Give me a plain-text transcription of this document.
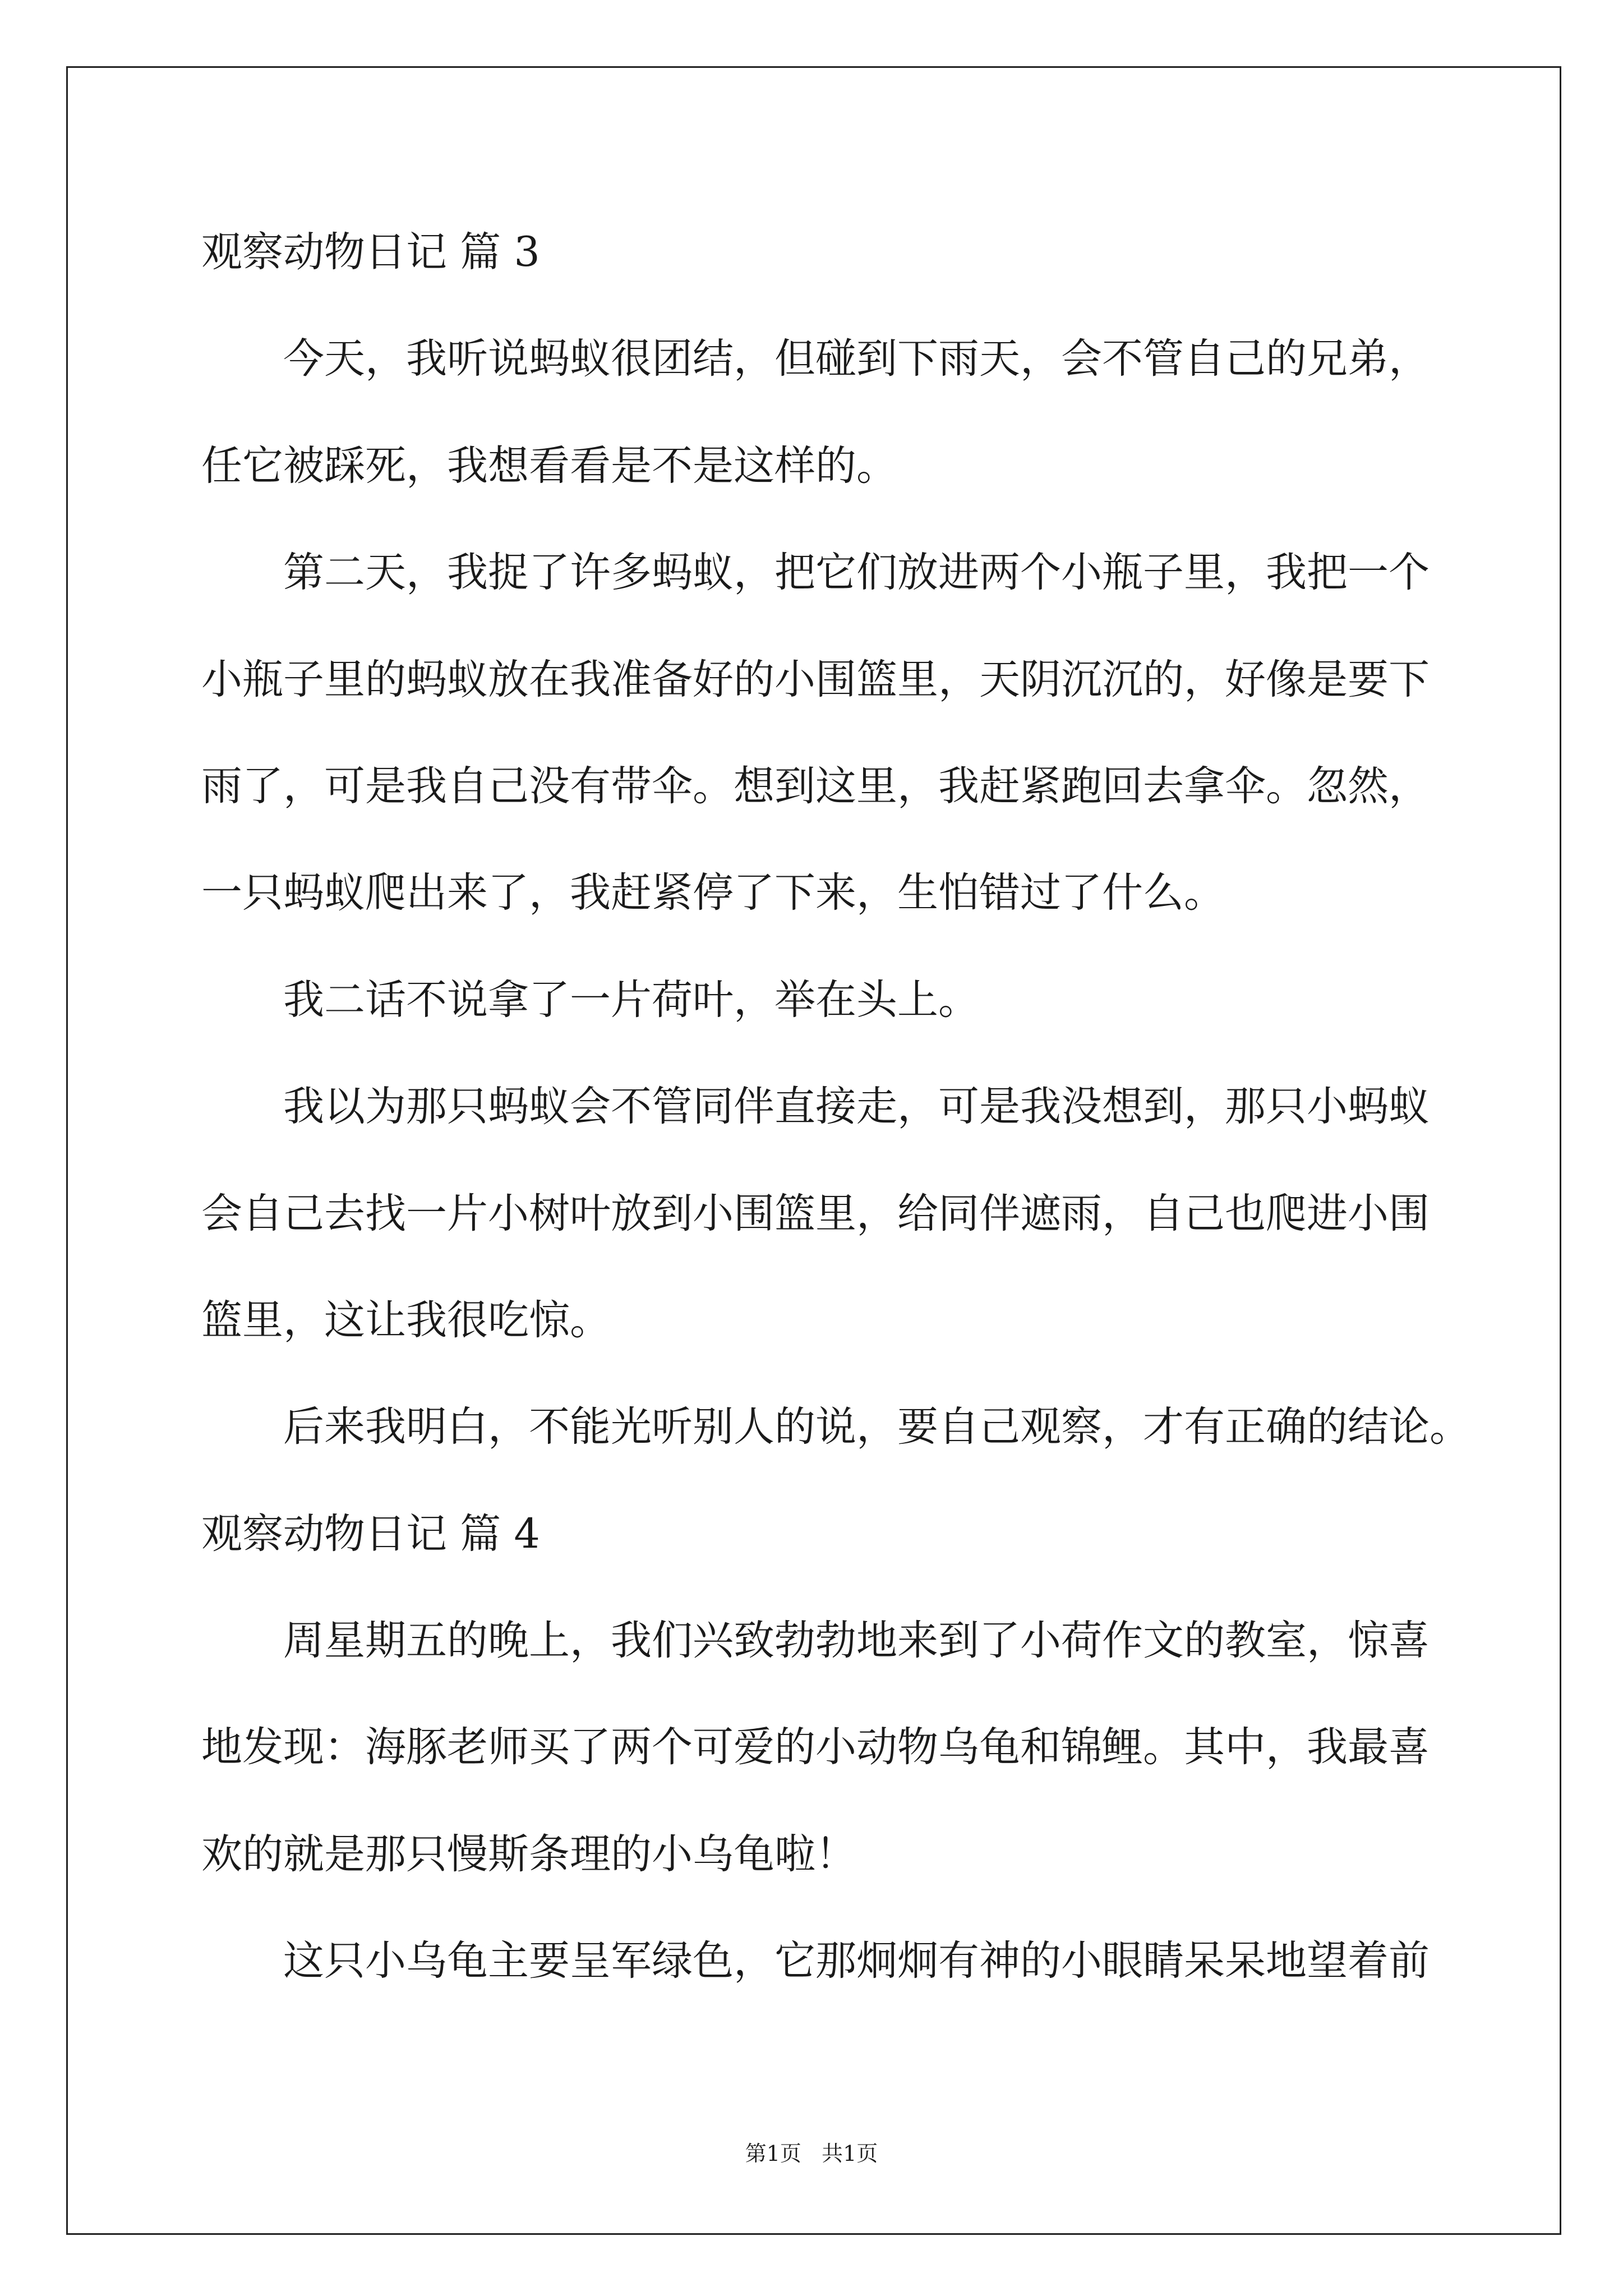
观察动物日记 篇 3
今天，我听说蚂蚁很团结，但碰到下雨天，会不管自己的兄弟，
任它被踩死，我想看看是不是这样的。
第二天，我捉了许多蚂蚁，把它们放进两个小瓶子里，我把一个
小瓶子里的蚂蚁放在我准备好的小围篮里，天阴沉沉的，好像是要下
雨了，可是我自己没有带伞。想到这里，我赶紧跑回去拿伞。忽然，
一只蚂蚁爬出来了，我赶紧停了下来，生怕错过了什么。
我二话不说拿了一片荷叶，举在头上。
我以为那只蚂蚁会不管同伴直接走，可是我没想到，那只小蚂蚁
会自己去找一片小树叶放到小围篮里，给同伴遮雨，自己也爬进小围
篮里，这让我很吃惊。
后来我明白，不能光听别人的说，要自己观察，才有正确的结论。
观察动物日记 篇 4
周星期五的晚上，我们兴致勃勃地来到了小荷作文的教室，惊喜
地发现：海豚老师买了两个可爱的小动物乌龟和锦鲤。其中，我最喜
欢的就是那只慢斯条理的小乌龟啦！
这只小乌龟主要呈军绿色，它那炯炯有神的小眼睛呆呆地望着前
第1页   共1页
